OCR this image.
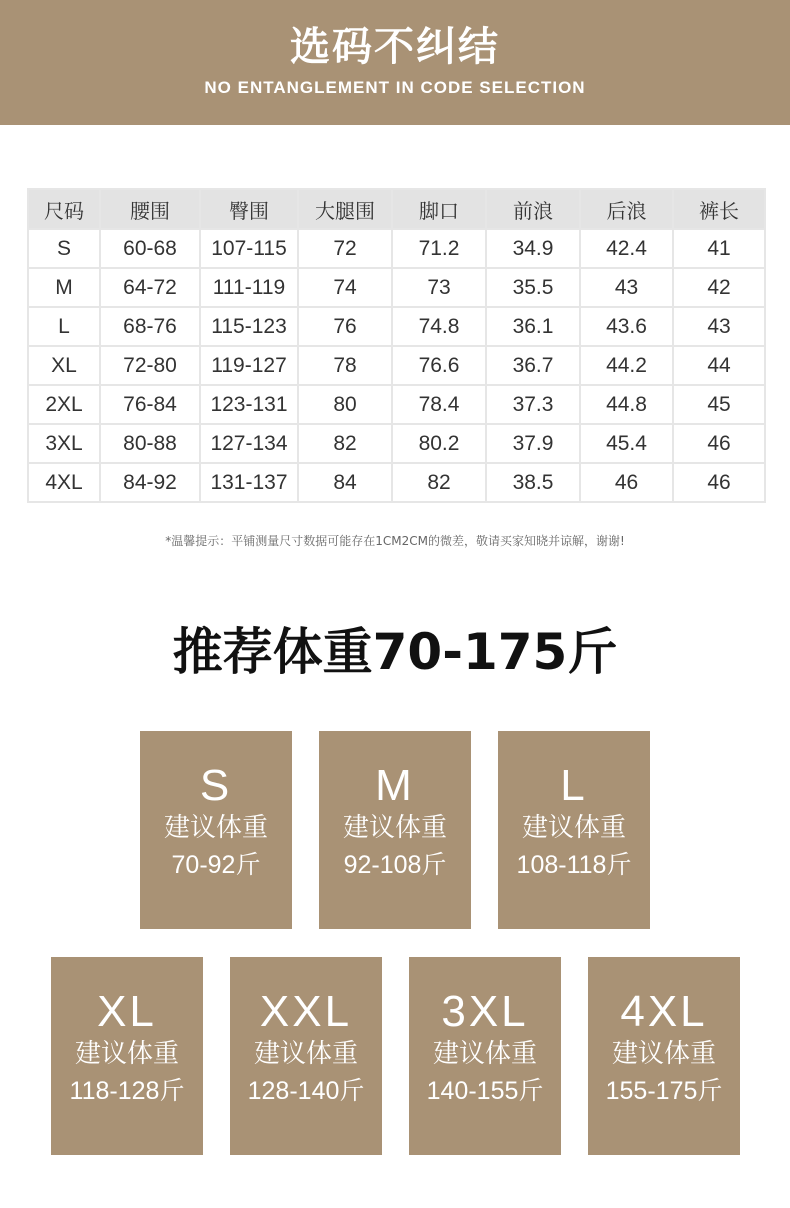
选码不纠结
NO ENTANGLEMENT IN CODE SELECTION
尺码	腰围	臀围	大腿围	脚口	前浪	后浪	裤长
S	60-68	107-115	72	71.2	34.9	42.4	41
M	64-72	111-119	74	73	35.5	43	42
L	68-76	115-123	76	74.8	36.1	43.6	43
XL	72-80	119-127	78	76.6	36.7	44.2	44
2XL	76-84	123-131	80	78.4	37.3	44.8	45
3XL	80-88	127-134	82	80.2	37.9	45.4	46
4XL	84-92	131-137	84	82	38.5	46	46
*温馨提示：平铺测量尺寸数据可能存在1CM2CM的微差，敬请买家知晓并谅解，谢谢!
推荐体重70-175斤
S
建议体重
70-92斤
M
建议体重
92-108斤
L
建议体重
108-118斤
XL
建议体重
118-128斤
XXL
建议体重
128-140斤
3XL
建议体重
140-155斤
4XL
建议体重
155-175斤
